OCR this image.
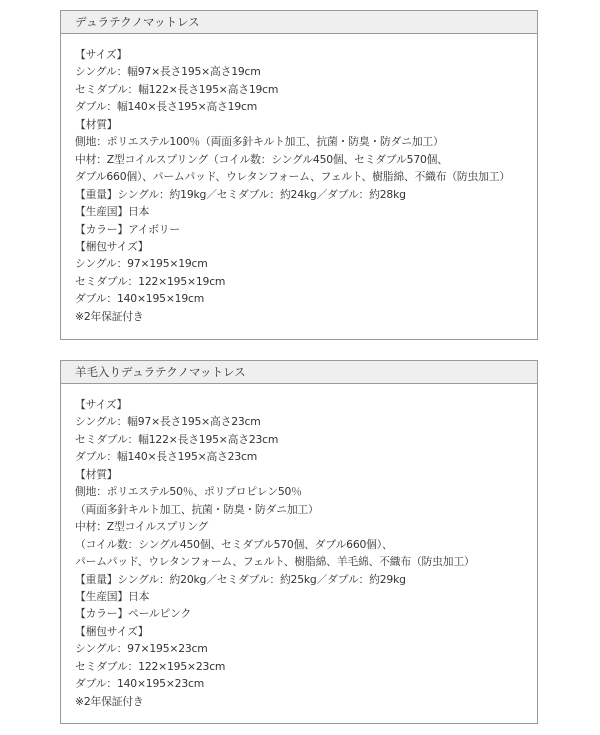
デュラテクノマットレス
【サイズ】
シングル：幅97×長さ195×高さ19cm
セミダブル：幅122×長さ195×高さ19cm
ダブル：幅140×長さ195×高さ19cm
【材質】
側地：ポリエステル100％（両面多針キルト加工、抗菌・防臭・防ダニ加工）
中材：Z型コイルスプリング（コイル数：シングル450個、セミダブル570個、
ダブル660個）、パームパッド、ウレタンフォーム、フェルト、樹脂綿、不織布（防虫加工）
【重量】シングル：約19kg／セミダブル：約24kg／ダブル：約28kg
【生産国】日本
【カラー】アイボリー
【梱包サイズ】
シングル：97×195×19cm
セミダブル：122×195×19cm
ダブル：140×195×19cm
※2年保証付き
羊毛入りデュラテクノマットレス
【サイズ】
シングル：幅97×長さ195×高さ23cm
セミダブル：幅122×長さ195×高さ23cm
ダブル：幅140×長さ195×高さ23cm
【材質】
側地：ポリエステル50％、ポリプロピレン50％
（両面多針キルト加工、抗菌・防臭・防ダニ加工）
中材：Z型コイルスプリング
（コイル数：シングル450個、セミダブル570個、ダブル660個）、
パームパッド、ウレタンフォーム、フェルト、樹脂綿、羊毛綿、不織布（防虫加工）
【重量】シングル：約20kg／セミダブル：約25kg／ダブル：約29kg
【生産国】日本
【カラー】ペールピンク
【梱包サイズ】
シングル：97×195×23cm
セミダブル：122×195×23cm
ダブル：140×195×23cm
※2年保証付き
